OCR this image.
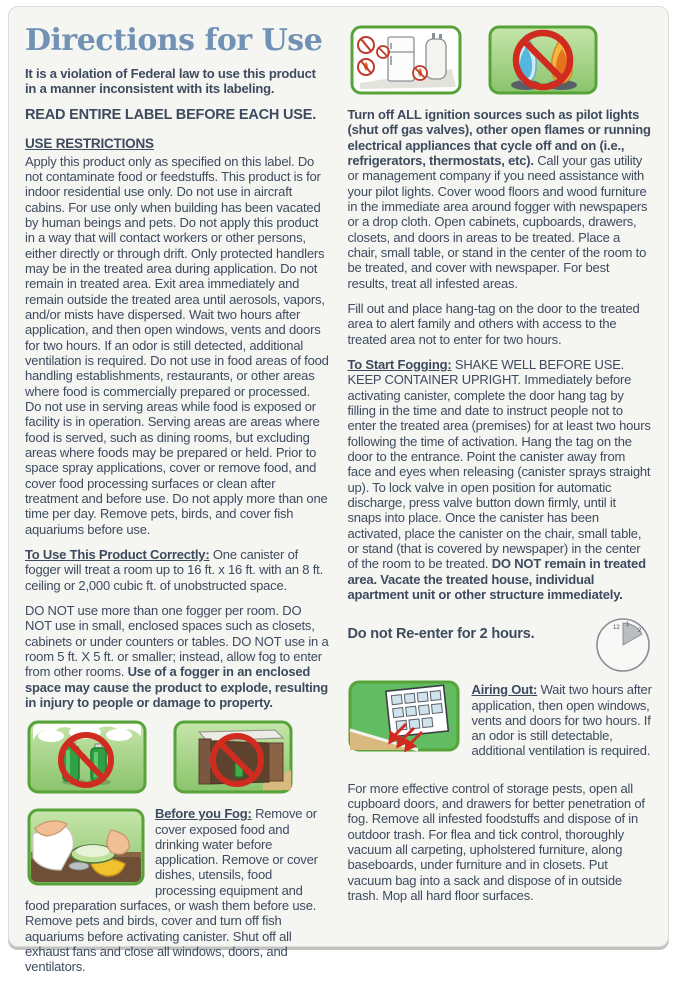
Directions for Use

It is a violation of Federal law to use this product in a manner inconsistent with its labeling.

READ ENTIRE LABEL BEFORE EACH USE.

USE RESTRICTIONS

Apply this product only as specified on this label. Do not contaminate food or feedstuffs. This product is for indoor residential use only. Do not use in aircraft cabins. For use only when building has been vacated by human beings and pets. Do not apply this product in a way that will contact workers or other persons, either directly or through drift. Only protected handlers may be in the treated area during application. Do not remain in treated area. Exit area immediately and remain outside the treated area until aerosols, vapors, and/or mists have dispersed. Wait two hours after application, and then open windows, vents and doors for two hours. If an odor is still detected, additional ventilation is required. Do not use in food areas of food handling establishments, restaurants, or other areas where food is commercially prepared or processed. Do not use in serving areas while food is exposed or facility is in operation. Serving areas are areas where food is served, such as dining rooms, but excluding areas where foods may be prepared or held. Prior to space spray applications, cover or remove food, and cover food processing surfaces or clean after treatment and before use. Do not apply more than one time per day. Remove pets, birds, and cover fish aquariums before use.

To Use This Product Correctly: One canister of fogger will treat a room up to 16 ft. x 16 ft. with an 8 ft. ceiling or 2,000 cubic ft. of unobstructed space.

DO NOT use more than one fogger per room. DO NOT use in small, enclosed spaces such as closets, cabinets or under counters or tables. DO NOT use in a room 5 ft. X 5 ft. or smaller; instead, allow fog to enter from other rooms. Use of a fogger in an enclosed space may cause the product to explode, resulting in injury to people or damage to property.

Before you Fog: Remove or cover exposed food and drinking water before application. Remove or cover dishes, utensils, food processing equipment and food preparation surfaces, or wash them before use. Remove pets and birds, cover and turn off fish aquariums before activating canister. Shut off all exhaust fans and close all windows, doors, and ventilators.

Turn off ALL ignition sources such as pilot lights (shut off gas valves), other open flames or running electrical appliances that cycle off and on (i.e., refrigerators, thermostats, etc). Call your gas utility or management company if you need assistance with your pilot lights. Cover wood floors and wood furniture in the immediate area around fogger with newspapers or a drop cloth. Open cabinets, cupboards, drawers, closets, and doors in areas to be treated. Place a chair, small table, or stand in the center of the room to be treated, and cover with newspaper. For best results, treat all infested areas.

Fill out and place hang-tag on the door to the treated area to alert family and others with access to the treated area not to enter for two hours.

To Start Fogging: SHAKE WELL BEFORE USE. KEEP CONTAINER UPRIGHT. Immediately before activating canister, complete the door hang tag by filling in the time and date to instruct people not to enter the treated area (premises) for at least two hours following the time of activation. Hang the tag on the door to the entrance. Point the canister away from face and eyes when releasing (canister sprays straight up). To lock valve in open position for automatic discharge, press valve button down firmly, until it snaps into place. Once the canister has been activated, place the canister on the chair, small table, or stand (that is covered by newspaper) in the center of the room to be treated. DO NOT remain in treated area. Vacate the treated house, individual apartment unit or other structure immediately.

Do not Re-enter for 2 hours.	12 1
2

Airing Out: Wait two hours after application, then open windows, vents and doors for two hours. If an odor is still detectable, additional ventilation is required.

For more effective control of storage pests, open all cupboard doors, and drawers for better penetration of fog. Remove all infested foodstuffs and dispose of in outdoor trash. For flea and tick control, thoroughly vacuum all carpeting, upholstered furniture, along baseboards, under furniture and in closets. Put vacuum bag into a sack and dispose of in outside trash. Mop all hard floor surfaces.
